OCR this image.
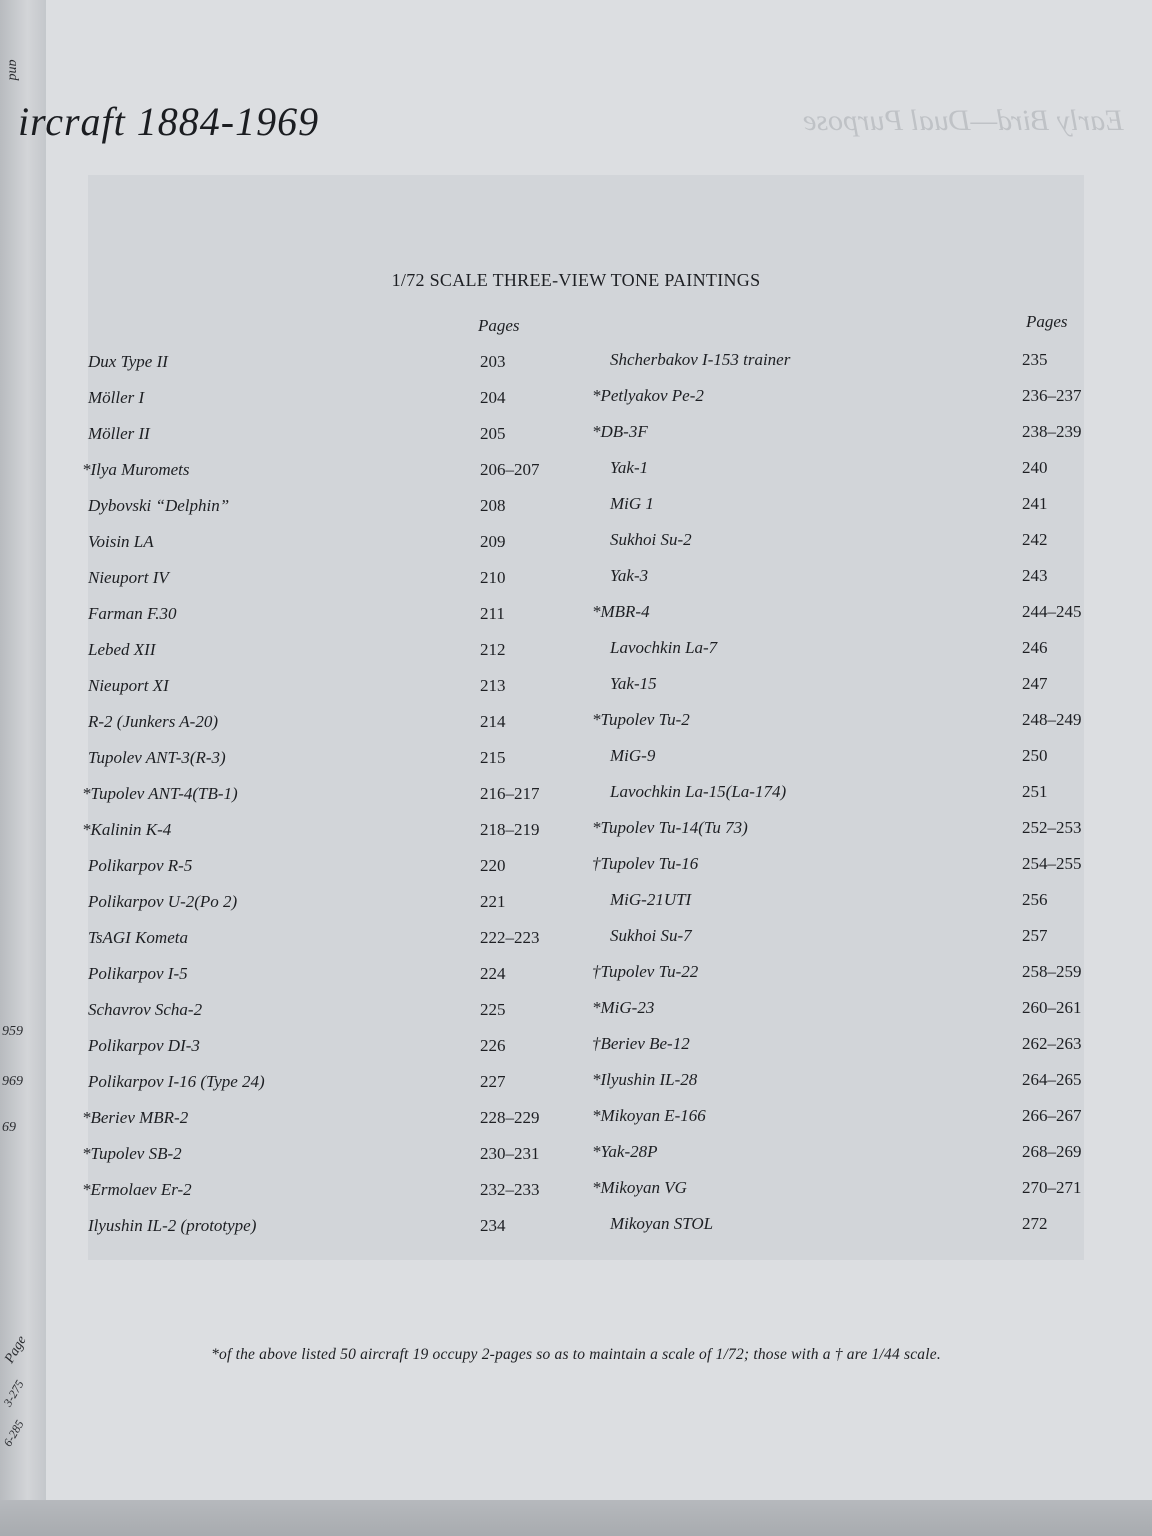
and
959
969
69
Page
3-275
6-285
ircraft 1884-1969	Early Bird—Dual Purpose
1/72 SCALE THREE-VIEW TONE PAINTINGS
Pages	Pages
Dux Type II	203
Möller I	204
Möller II	205
*Ilya Muromets	206–207
Dybovski “Delphin”	208
Voisin LA	209
Nieuport IV	210
Farman F.30	211
Lebed XII	212
Nieuport XI	213
R-2 (Junkers A-20)	214
Tupolev ANT-3(R-3)	215
*Tupolev ANT-4(TB-1)	216–217
*Kalinin K-4	218–219
Polikarpov R-5	220
Polikarpov U-2(Po 2)	221
TsAGI Kometa	222–223
Polikarpov I-5	224
Schavrov Scha-2	225
Polikarpov DI-3	226
Polikarpov I-16 (Type 24)	227
*Beriev MBR-2	228–229
*Tupolev SB-2	230–231
*Ermolaev Er-2	232–233
Ilyushin IL-2 (prototype)	234
Shcherbakov I-153 trainer	235
*Petlyakov Pe-2	236–237
*DB-3F	238–239
Yak-1	240
MiG 1	241
Sukhoi Su-2	242
Yak-3	243
*MBR-4	244–245
Lavochkin La-7	246
Yak-15	247
*Tupolev Tu-2	248–249
MiG-9	250
Lavochkin La-15(La-174)	251
*Tupolev Tu-14(Tu 73)	252–253
†Tupolev Tu-16	254–255
MiG-21UTI	256
Sukhoi Su-7	257
†Tupolev Tu-22	258–259
*MiG-23	260–261
†Beriev Be-12	262–263
*Ilyushin IL-28	264–265
*Mikoyan E-166	266–267
*Yak-28P	268–269
*Mikoyan VG	270–271
Mikoyan STOL	272
*of the above listed 50 aircraft 19 occupy 2-pages so as to maintain a scale of 1/72; those with a † are 1/44 scale.
